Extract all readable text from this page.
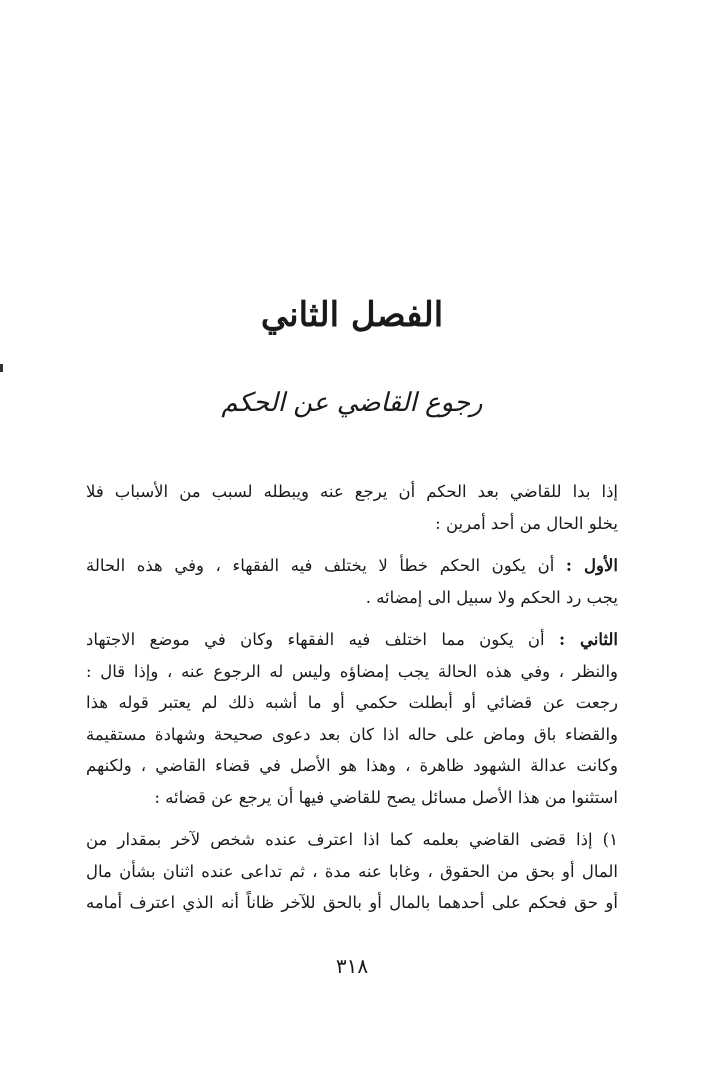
الفصل الثاني
رجوع القاضي عن الحكم

إذا بدا للقاضي بعد الحكم أن يرجع عنه ويبطله لسبب من الأسباب فلا
يخلو الحال من أحد أمرين :

الأول : أن يكون الحكم خطأ لا يختلف فيه الفقهاء ، وفي هذه الحالة
يجب رد الحكم ولا سبيل الى إمضائه .

الثاني : أن يكون مما اختلف فيه الفقهاء وكان في موضع الاجتهاد
والنظر ، وفي هذه الحالة يجب إمضاؤه وليس له الرجوع عنه ، وإذا قال :
رجعت عن قضائي أو أبطلت حكمي أو ما أشبه ذلك لم يعتبر قوله هذا
والقضاء باق وماض على حاله اذا كان بعد دعوى صحيحة وشهادة مستقيمة
وكانت عدالة الشهود ظاهرة ، وهذا هو الأصل في قضاء القاضي ، ولكنهم
استثنوا من هذا الأصل مسائل يصح للقاضي فيها أن يرجع عن قضائه :

١) إذا قضى القاضي بعلمه كما اذا اعترف عنده شخص لآخر بمقدار من
المال أو بحق من الحقوق ، وغابا عنه مدة ، ثم تداعى عنده اثنان بشأن مال
أو حق فحكم على أحدهما بالمال أو بالحق للآخر ظاناً أنه الذي اعترف أمامه

٣١٨
